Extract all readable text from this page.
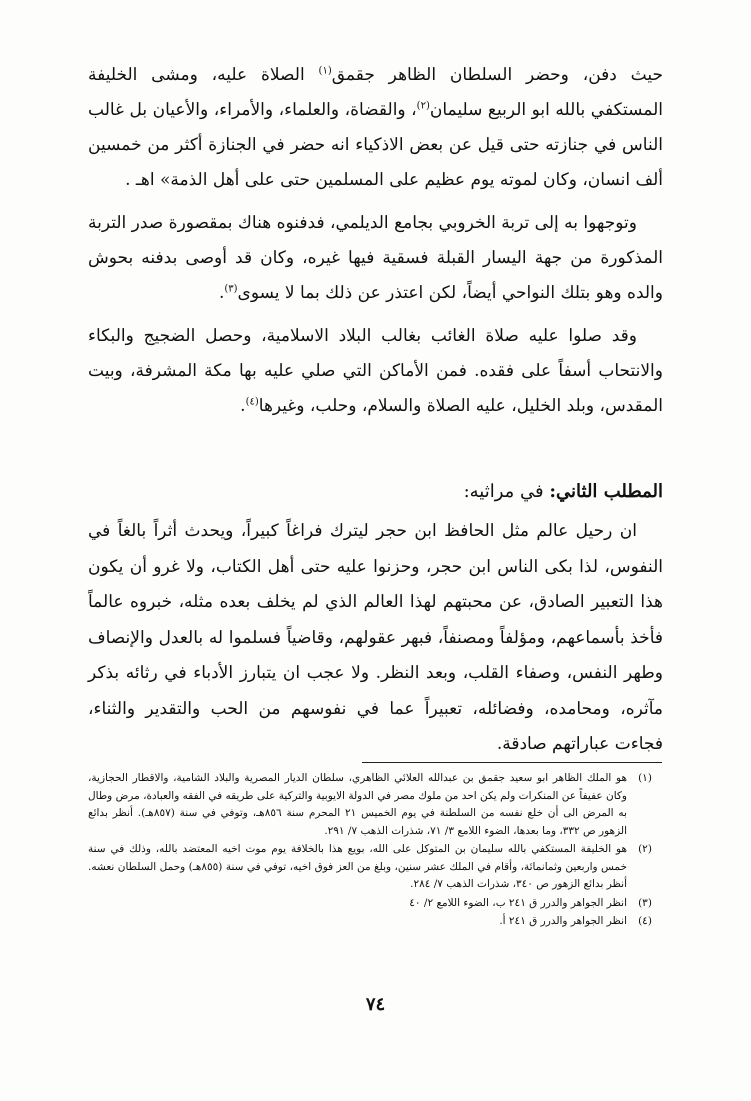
حيث دفن، وحضر السلطان الظاهر جقمق$^{(١)}$ الصلاة عليه، ومشى الخليفة المستكفي بالله ابو الربيع سليمان$^{(٢)}$، والقضاة، والعلماء، والأمراء، والأعيان بل غالب الناس في جنازته حتى قيل عن بعض الاذكياء انه حضر في الجنازة أكثر من خمسين ألف انسان، وكان لموته يوم عظيم على المسلمين حتى على أهل الذمة» اهـ .

وتوجهوا به إلى تربة الخروبي بجامع الديلمي، فدفنوه هناك بمقصورة صدر التربة المذكورة من جهة اليسار القبلة فسقية فيها غيره، وكان قد أوصى بدفنه بحوش والده وهو بتلك النواحي أيضاً، لكن اعتذر عن ذلك بما لا يسوى$^{(٣)}$.

وقد صلوا عليه صلاة الغائب بغالب البلاد الاسلامية، وحصل الضجيج والبكاء والانتحاب أسفاً على فقده. فمن الأماكن التي صلي عليه بها مكة المشرفة، وبيت المقدس، وبلد الخليل، عليه الصلاة والسلام، وحلب، وغيرها$^{(٤)}$.

المطلب الثاني: في مراثيه:

ان رحيل عالم مثل الحافظ ابن حجر ليترك فراغاً كبيراً، ويحدث أثراً بالغاً في النفوس، لذا بكى الناس ابن حجر، وحزنوا عليه حتى أهل الكتاب، ولا غرو أن يكون هذا التعبير الصادق، عن محبتهم لهذا العالم الذي لم يخلف بعده مثله، خبروه عالماً فأخذ بأسماعهم، ومؤلفاً ومصنفاً، فبهر عقولهم، وقاضياً فسلموا له بالعدل والإنصاف وطهر النفس، وصفاء القلب، وبعد النظر. ولا عجب ان يتبارز الأدباء في رثائه بذكر مآثره، ومحامده، وفضائله، تعبيراً عما في نفوسهم من الحب والتقدير والثناء، فجاءت عباراتهم صادقة.

(١)
هو الملك الظاهر ابو سعيد جقمق بن عبدالله العلائي الظاهري، سلطان الديار المصرية والبلاد الشامية، والاقطار الحجازية، وكان عفيفاً عن المنكرات ولم يكن احد من ملوك مصر في الدولة الايوبية والتركية على طريقه في الفقه والعبادة، مرض وطال به المرض الى أن خلع نفسه من السلطنة في يوم الخميس ٢١ المحرم سنة ٨٥٦هـ، وتوفي في سنة (٨٥٧هـ). أنظر بدائع الزهور ص ٣٣٢، وما بعدها، الضوء اللامع ٣/ ٧١، شذرات الذهب ٧/ ٢٩١.
(٢)
هو الخليفة المستكفي بالله سليمان بن المتوكل على الله، بويع هذا بالخلافة يوم موت اخيه المعتضد بالله، وذلك في سنة خمس واربعين وثمانمائة، وأقام في الملك عشر سنين، وبلغ من العز فوق اخيه، توفي في سنة (٨٥٥هـ) وحمل السلطان نعشه. أنظر بدائع الزهور ص ٣٤٠، شذرات الذهب ٧/ ٢٨٤.
(٣)
انظر الجواهر والدرر ق ٢٤١ ب، الضوء اللامع ٢/ ٤٠
(٤)
انظر الجواهر والدرر ق ٢٤١ أ.
٧٤
